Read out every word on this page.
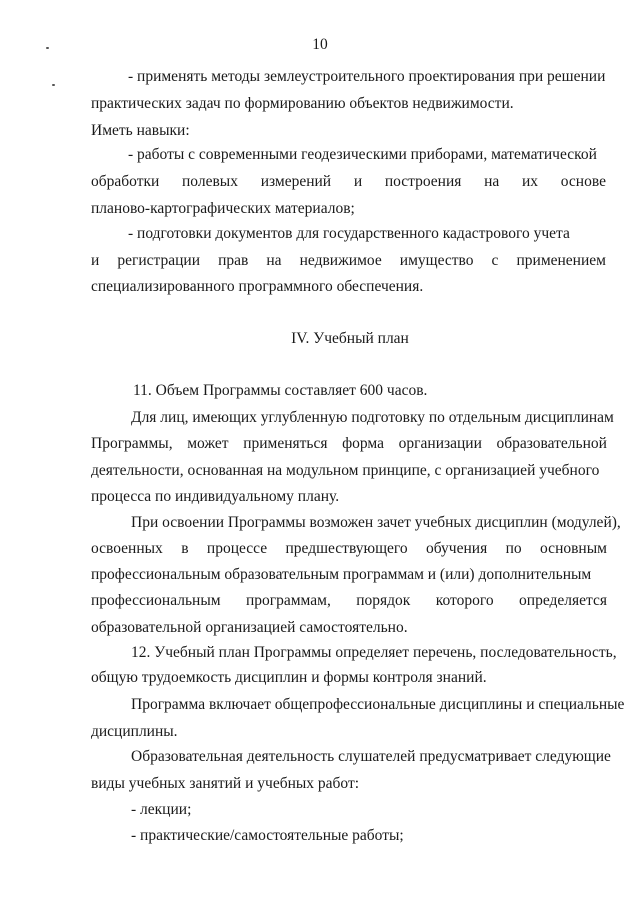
10
- применять методы землеустроительного проектирования при решении
практических задач по формированию объектов недвижимости.
Иметь навыки:
- работы с современными геодезическими приборами, математической
обработки полевых измерений и построения на их основе
планово-картографических материалов;
- подготовки документов для государственного кадастрового учета
и регистрации прав на недвижимое имущество с применением
специализированного программного обеспечения.
IV. Учебный план
11. Объем Программы составляет 600 часов.
Для лиц, имеющих углубленную подготовку по отдельным дисциплинам
Программы, может применяться форма организации образовательной
деятельности, основанная на модульном принципе, с организацией учебного
процесса по индивидуальному плану.
При освоении Программы возможен зачет учебных дисциплин (модулей),
освоенных в процессе предшествующего обучения по основным
профессиональным образовательным программам и (или) дополнительным
профессиональным программам, порядок которого определяется
образовательной организацией самостоятельно.
12. Учебный план Программы определяет перечень, последовательность,
общую трудоемкость дисциплин и формы контроля знаний.
Программа включает общепрофессиональные дисциплины и специальные
дисциплины.
Образовательная деятельность слушателей предусматривает следующие
виды учебных занятий и учебных работ:
- лекции;
- практические/самостоятельные работы;
